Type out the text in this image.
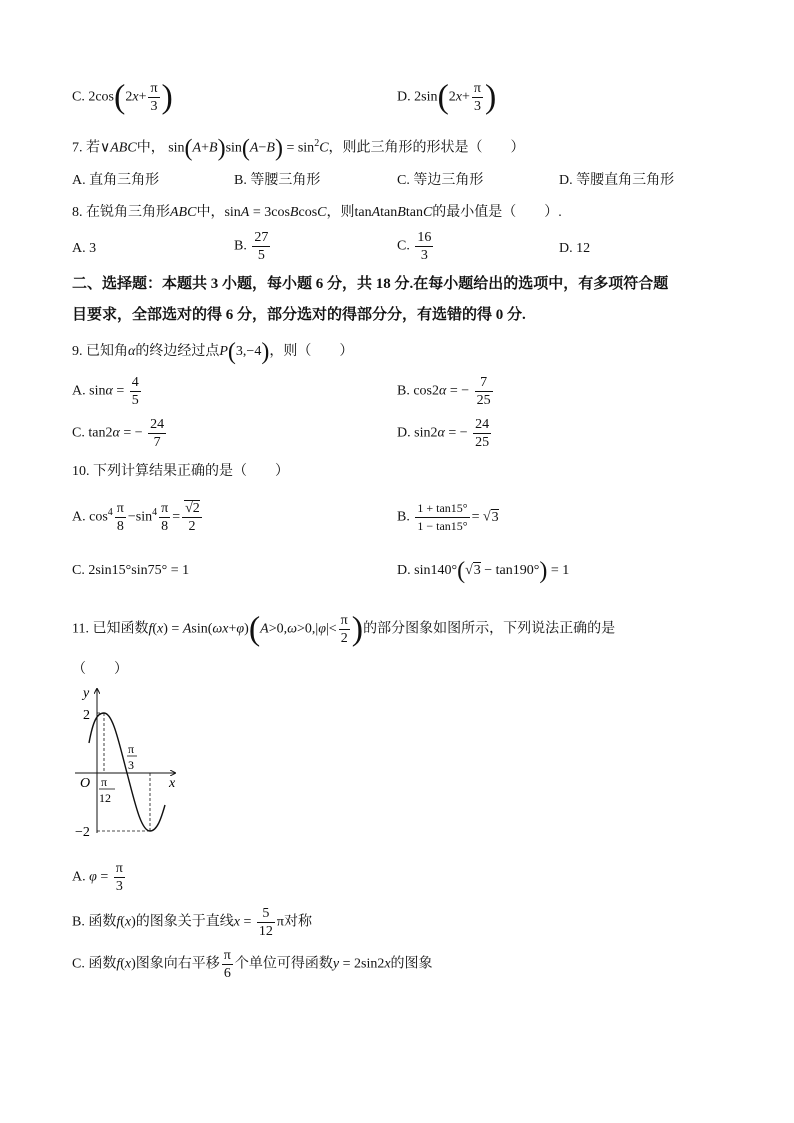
C. $2\cos(2x+ \frac{\pi}{3}$ )	D. $2\sin(2x+ \frac{\pi}{3}$ )
7. 若∨ABC中， $\sin(A+B)\sin(A-B) = \sin^2C$，则此三角形的形状是（　　）
A. 直角三角形	B. 等腰三角形	C. 等边三角形	D. 等腰直角三角形
8. 在锐角三角形ABC中，sinA = 3cosBcosC，则tanAtanBtanC的最小值是（　　）.
A. 3	B. $\frac{27}{5}$	C. $\frac{16}{3}$	D. 12
二、选择题：本题共 3 小题，每小题 6 分，共 18 分.在每小题给出的选项中，有多项符合题
目要求，全部选对的得 6 分，部分选对的得部分分，有选错的得 0 分.
9. 已知角α的终边经过点P(3,−4)，则（　　）
A. $\sin\alpha = \frac{4}{5}$	B. cos2α = − $\frac{7}{25}$
C. tan2α = − $\frac{24}{7}$	D. sin2α = − $\frac{24}{25}$
10. 下列计算结果正确的是（　　）
A. $\cos^4 \frac{\pi}{8} -\sin^4 \frac{\pi}{8} = \frac{√2}{2}$	B. $\frac{1 + \tan 15^\circ}{1 - \tan 15^\circ} = √3$
C. 2sin15°sin75° = 1	D. sin140°(√3 − tan190°) = 1
11. 已知函数$f(x) = Asin(\omega x+\varphi)(A>0,\omega>0,|\varphi|< \frac{\pi}{2}$ )的部分图象如图所示，下列说法正确的是
（　　）
y
x
O
2
−2
π
12
π
3
A. $\varphi = \frac{\pi}{3}$
B. 函数f(x)的图象关于直线$x = \frac{5}{12}$ π对称
C. 函数f(x)图象向右平移 $\frac{\pi}{6}$ 个单位可得函数y = 2sin2x的图象
